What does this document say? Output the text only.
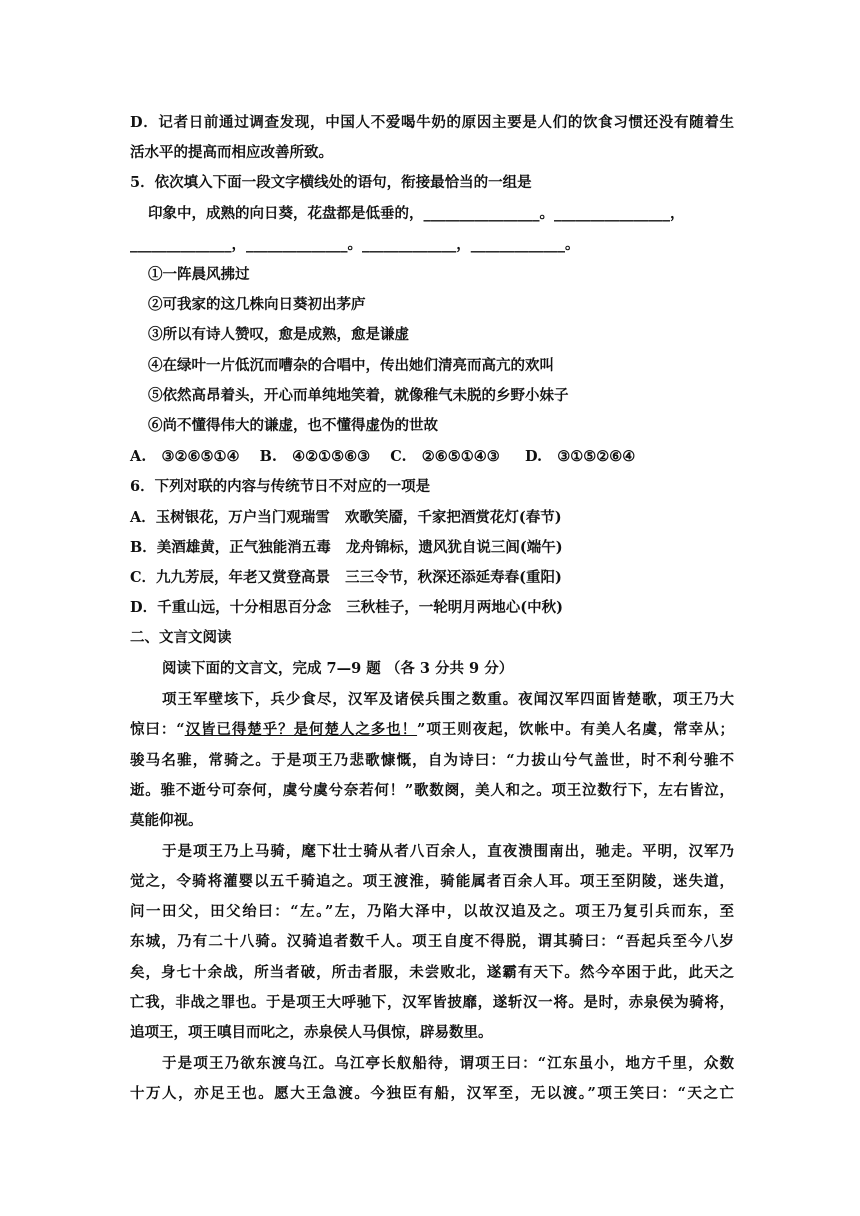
D．记者日前通过调查发现，中国人不爱喝牛奶的原因主要是人们的饮食习惯还没有随着生
活水平的提高而相应改善所致。
5．依次填入下面一段文字横线处的语句，衔接最恰当的一组是
印象中，成熟的向日葵，花盘都是低垂的，________________。________________，
______________，______________。_____________，_____________。
①一阵晨风拂过
②可我家的这几株向日葵初出茅庐
③所以有诗人赞叹，愈是成熟，愈是谦虚
④在绿叶一片低沉而嘈杂的合唱中，传出她们清亮而高亢的欢叫
⑤依然高昂着头，开心而单纯地笑着，就像稚气未脱的乡野小妹子
⑥尚不懂得伟大的谦虚，也不懂得虚伪的世故
A.   ③②⑥⑤①④    B.   ④②①⑤⑥③    C.   ②⑥⑤①④③     D.   ③①⑤②⑥④
6．下列对联的内容与传统节日不对应的一项是
A．玉树银花，万户当门观瑞雪   欢歌笑靥，千家把酒赏花灯(春节)
B．美酒雄黄，正气独能消五毒   龙舟锦标，遗风犹自说三闾(端午)
C．九九芳辰，年老又赏登高景   三三令节，秋深还添延寿春(重阳)
D．千重山远，十分相思百分念   三秋桂子，一轮明月两地心(中秋)
二、文言文阅读
阅读下面的文言文，完成 7—9 题 （各 3 分共 9 分）
项王军壁垓下，兵少食尽，汉军及诸侯兵围之数重。夜闻汉军四面皆楚歌，项王乃大
惊曰：“汉皆已得楚乎？是何楚人之多也！”项王则夜起，饮帐中。有美人名虞，常幸从；
骏马名骓，常骑之。于是项王乃悲歌慷慨，自为诗曰：“力拔山兮气盖世，时不利兮骓不
逝。骓不逝兮可奈何，虞兮虞兮奈若何！”歌数阕，美人和之。项王泣数行下，左右皆泣，
莫能仰视。
于是项王乃上马骑，麾下壮士骑从者八百余人，直夜溃围南出，驰走。平明，汉军乃
觉之，令骑将灌婴以五千骑追之。项王渡淮，骑能属者百余人耳。项王至阴陵，迷失道，
问一田父，田父绐曰：“左。”左，乃陷大泽中，以故汉追及之。项王乃复引兵而东，至
东城，乃有二十八骑。汉骑追者数千人。项王自度不得脱，谓其骑曰：“吾起兵至今八岁
矣，身七十余战，所当者破，所击者服，未尝败北，遂霸有天下。然今卒困于此，此天之
亡我，非战之罪也。于是项王大呼驰下，汉军皆披靡，遂斩汉一将。是时，赤泉侯为骑将，
追项王，项王嗔目而叱之，赤泉侯人马俱惊，辟易数里。
于是项王乃欲东渡乌江。乌江亭长舣船待，谓项王曰：“江东虽小，地方千里，众数
十万人，亦足王也。愿大王急渡。今独臣有船，汉军至，无以渡。”项王笑曰：“天之亡
